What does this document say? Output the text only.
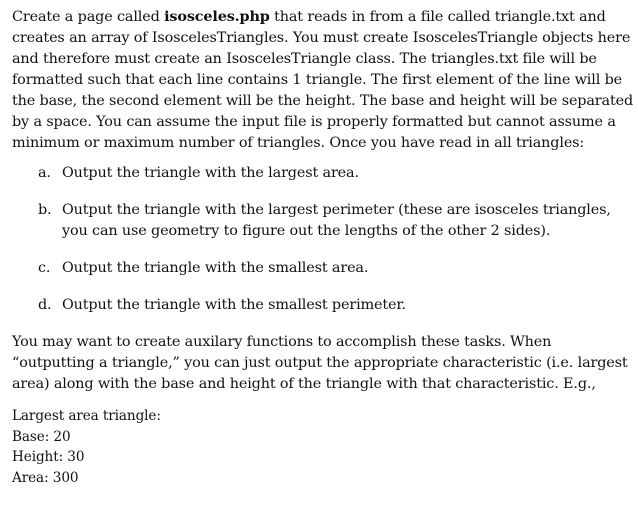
Create a page called isosceles.php that reads in from a file called triangle.txt and creates an array of IsoscelesTriangles. You must create IsoscelesTriangle objects here and therefore must create an IsoscelesTriangle class. The triangles.txt file will be formatted such that each line contains 1 triangle. The first element of the line will be the base, the second element will be the height. The base and height will be separated by a space. You can assume the input file is properly formatted but cannot assume a minimum or maximum number of triangles. Once you have read in all triangles:

a. Output the triangle with the largest area.
b. Output the triangle with the largest perimeter (these are isosceles triangles, you can use geometry to figure out the lengths of the other 2 sides).
c. Output the triangle with the smallest area.
d. Output the triangle with the smallest perimeter.

You may want to create auxilary functions to accomplish these tasks. When “outputting a triangle,” you can just output the appropriate characteristic (i.e. largest area) along with the base and height of the triangle with that characteristic. E.g.,

Largest area triangle:
Base: 20
Height: 30
Area: 300
